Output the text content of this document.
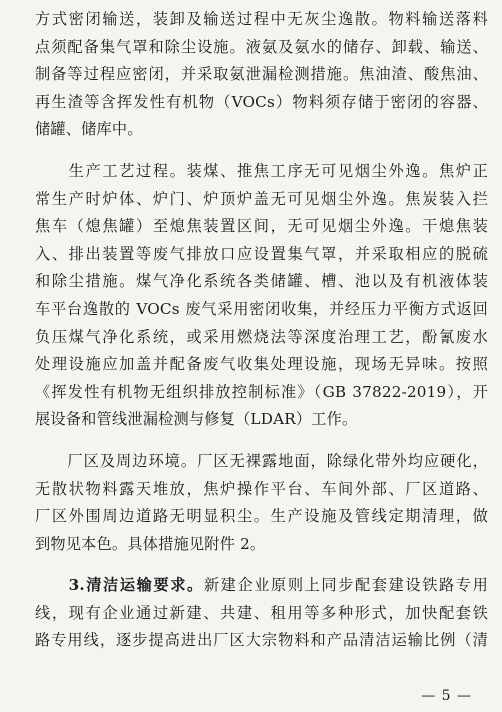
方式密闭输送，装卸及输送过程中无灰尘逸散。物料输送落料
点须配备集气罩和除尘设施。液氨及氨水的储存、卸载、输送、
制备等过程应密闭，并采取氨泄漏检测措施。焦油渣、酸焦油、
再生渣等含挥发性有机物（VOCs）物料须存储于密闭的容器、
储罐、储库中。
　　生产工艺过程。装煤、推焦工序无可见烟尘外逸。焦炉正
常生产时炉体、炉门、炉顶炉盖无可见烟尘外逸。焦炭装入拦
焦车（熄焦罐）至熄焦装置区间，无可见烟尘外逸。干熄焦装
入、排出装置等废气排放口应设置集气罩，并采取相应的脱硫
和除尘措施。煤气净化系统各类储罐、槽、池以及有机液体装
车平台逸散的 VOCs 废气采用密闭收集，并经压力平衡方式返回
负压煤气净化系统，或采用燃烧法等深度治理工艺，酚氰废水
处理设施应加盖并配备废气收集处理设施，现场无异味。按照
《挥发性有机物无组织排放控制标准》（GB 37822-2019），开
展设备和管线泄漏检测与修复（LDAR）工作。
　　厂区及周边环境。厂区无裸露地面，除绿化带外均应硬化，
无散状物料露天堆放，焦炉操作平台、车间外部、厂区道路、
厂区外围周边道路无明显积尘。生产设施及管线定期清理，做
到物见本色。具体措施见附件 2。
　　3.清洁运输要求。新建企业原则上同步配套建设铁路专用
线，现有企业通过新建、共建、租用等多种形式，加快配套铁
路专用线，逐步提高进出厂区大宗物料和产品清洁运输比例（清
— 5 —
